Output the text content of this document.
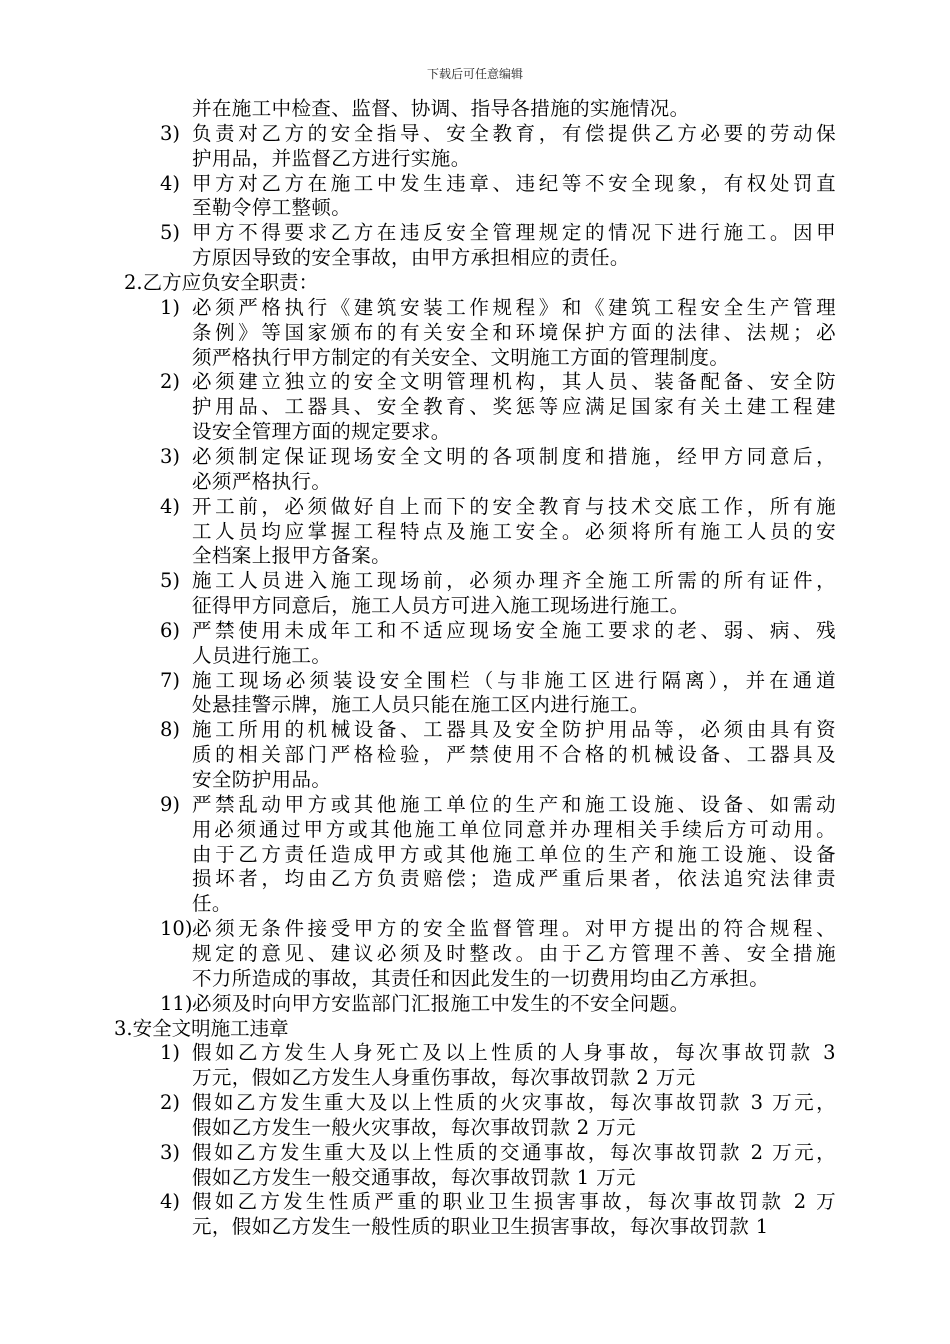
下载后可任意编辑
并在施工中检查、监督、协调、指导各措施的实施情况。
3) 负责对乙方的安全指导、安全教育，有偿提供乙方必要的劳动保
护用品，并监督乙方进行实施。
4) 甲方对乙方在施工中发生违章、违纪等不安全现象，有权处罚直
至勒令停工整顿。
5) 甲方不得要求乙方在违反安全管理规定的情况下进行施工。因甲
方原因导致的安全事故，由甲方承担相应的责任。
2.乙方应负安全职责：
1) 必须严格执行《建筑安装工作规程》和《建筑工程安全生产管理
条例》等国家颁布的有关安全和环境保护方面的法律、法规；必
须严格执行甲方制定的有关安全、文明施工方面的管理制度。
2) 必须建立独立的安全文明管理机构，其人员、装备配备、安全防
护用品、工器具、安全教育、奖惩等应满足国家有关土建工程建
设安全管理方面的规定要求。
3) 必须制定保证现场安全文明的各项制度和措施，经甲方同意后，
必须严格执行。
4) 开工前，必须做好自上而下的安全教育与技术交底工作，所有施
工人员均应掌握工程特点及施工安全。必须将所有施工人员的安
全档案上报甲方备案。
5) 施工人员进入施工现场前，必须办理齐全施工所需的所有证件，
征得甲方同意后，施工人员方可进入施工现场进行施工。
6) 严禁使用未成年工和不适应现场安全施工要求的老、弱、病、残
人员进行施工。
7) 施工现场必须装设安全围栏（与非施工区进行隔离），并在通道
处悬挂警示牌，施工人员只能在施工区内进行施工。
8) 施工所用的机械设备、工器具及安全防护用品等，必须由具有资
质的相关部门严格检验，严禁使用不合格的机械设备、工器具及
安全防护用品。
9) 严禁乱动甲方或其他施工单位的生产和施工设施、设备、如需动
用必须通过甲方或其他施工单位同意并办理相关手续后方可动用。
由于乙方责任造成甲方或其他施工单位的生产和施工设施、设备
损坏者，均由乙方负责赔偿；造成严重后果者，依法追究法律责
任。
10) 必须无条件接受甲方的安全监督管理。对甲方提出的符合规程、
规定的意见、建议必须及时整改。由于乙方管理不善、安全措施
不力所造成的事故，其责任和因此发生的一切费用均由乙方承担。
11) 必须及时向甲方安监部门汇报施工中发生的不安全问题。
3.安全文明施工违章
1) 假如乙方发生人身死亡及以上性质的人身事故，每次事故罚款 3
万元，假如乙方发生人身重伤事故，每次事故罚款 2 万元
2) 假如乙方发生重大及以上性质的火灾事故，每次事故罚款 3 万元，
假如乙方发生一般火灾事故，每次事故罚款 2 万元
3) 假如乙方发生重大及以上性质的交通事故，每次事故罚款 2 万元，
假如乙方发生一般交通事故，每次事故罚款 1 万元
4) 假如乙方发生性质严重的职业卫生损害事故，每次事故罚款 2 万
元，假如乙方发生一般性质的职业卫生损害事故，每次事故罚款 1
